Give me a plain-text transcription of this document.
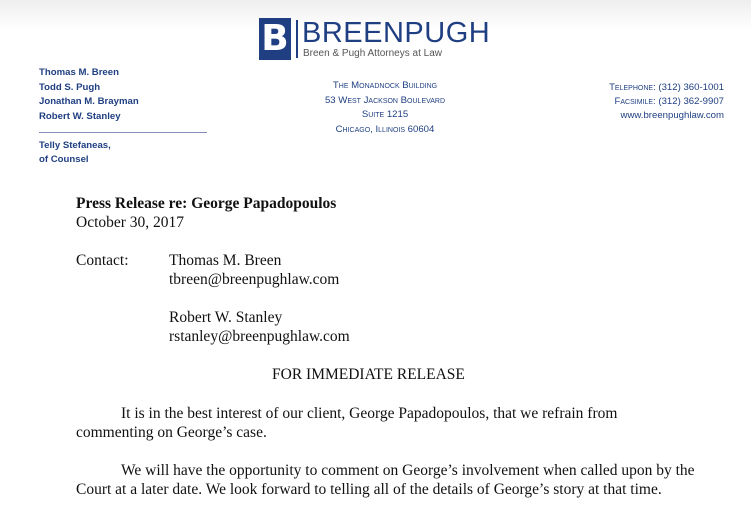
B BREENPUGH
Breen & Pugh Attorneys at Law
Thomas M. Breen
Todd S. Pugh
Jonathan M. Brayman
Robert W. Stanley
Telly Stefaneas,
of Counsel
The Monadnock Building
53 West Jackson Boulevard
Suite 1215
Chicago, Illinois 60604
Telephone: (312) 360-1001
Facsimile: (312) 362-9907
www.breenpughlaw.com
Press Release re: George Papadopoulos
October 30, 2017
Contact:	Thomas M. Breen
tbreen@breenpughlaw.com
Robert W. Stanley
rstanley@breenpughlaw.com
FOR IMMEDIATE RELEASE
It is in the best interest of our client, George Papadopoulos, that we refrain from commenting on George’s case.
We will have the opportunity to comment on George’s involvement when called upon by the Court at a later date. We look forward to telling all of the details of George’s story at that time.
